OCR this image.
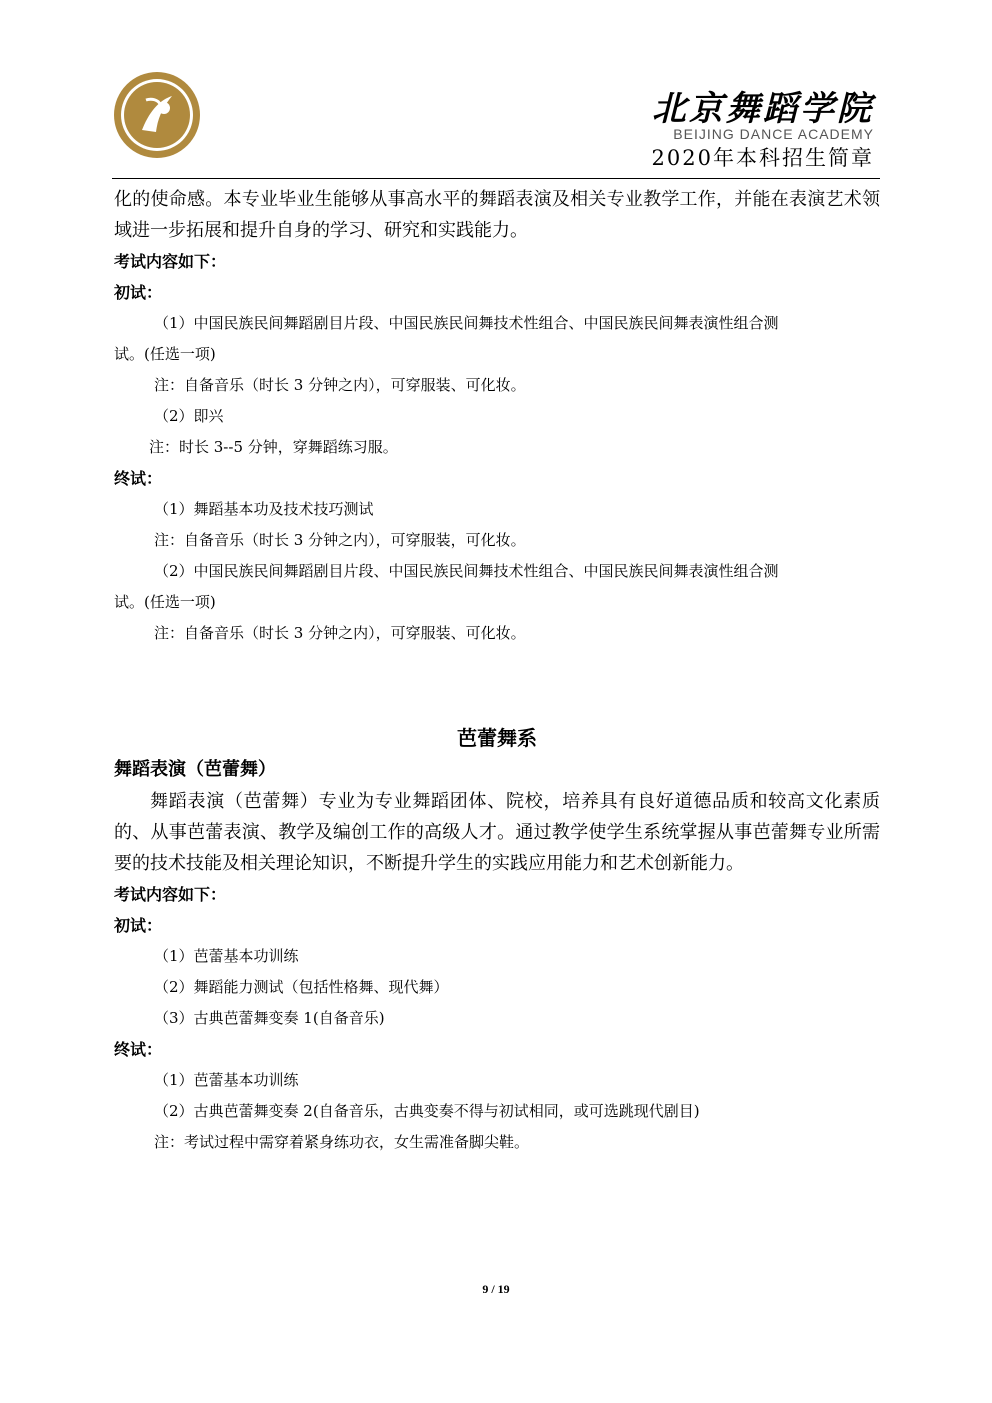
北京舞蹈学院
BEIJING DANCE ACADEMY
2020年本科招生简章

化的使命感。本专业毕业生能够从事高水平的舞蹈表演及相关专业教学工作，并能在表演艺术领域进一步拓展和提升自身的学习、研究和实践能力。

考试内容如下：

初试：

（1）中国民族民间舞蹈剧目片段、中国民族民间舞技术性组合、中国民族民间舞表演性组合测

试。(任选一项)

注：自备音乐（时长 3 分钟之内），可穿服装、可化妆。

（2）即兴

注：时长 3--5 分钟，穿舞蹈练习服。

终试：

（1）舞蹈基本功及技术技巧测试

注：自备音乐（时长 3 分钟之内），可穿服装，可化妆。

（2）中国民族民间舞蹈剧目片段、中国民族民间舞技术性组合、中国民族民间舞表演性组合测

试。(任选一项)

注：自备音乐（时长 3 分钟之内），可穿服装、可化妆。

芭蕾舞系

舞蹈表演（芭蕾舞）

舞蹈表演（芭蕾舞）专业为专业舞蹈团体、院校，培养具有良好道德品质和较高文化素质的、从事芭蕾表演、教学及编创工作的高级人才。通过教学使学生系统掌握从事芭蕾舞专业所需要的技术技能及相关理论知识，不断提升学生的实践应用能力和艺术创新能力。

考试内容如下：

初试：

（1）芭蕾基本功训练

（2）舞蹈能力测试（包括性格舞、现代舞）

（3）古典芭蕾舞变奏 1(自备音乐)

终试：

（1）芭蕾基本功训练

（2）古典芭蕾舞变奏 2(自备音乐，古典变奏不得与初试相同，或可选跳现代剧目)

注：考试过程中需穿着紧身练功衣，女生需准备脚尖鞋。

9 / 19
